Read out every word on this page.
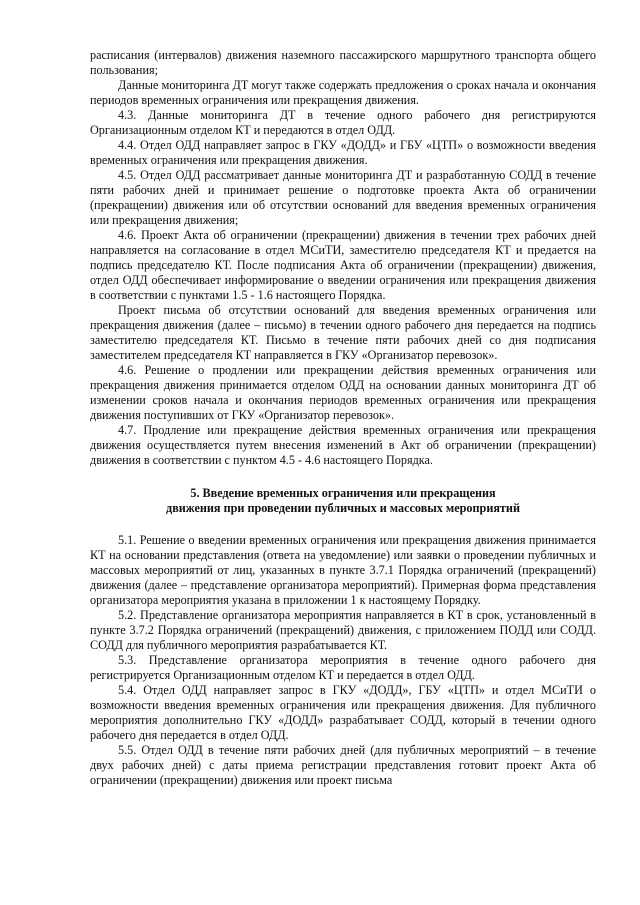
расписания (интервалов) движения наземного пассажирского маршрутного транспорта общего пользования;

Данные мониторинга ДТ могут также содержать предложения о сроках начала и окончания периодов временных ограничения или прекращения движения.

4.3. Данные мониторинга ДТ в течение одного рабочего дня регистрируются Организационным отделом КТ и передаются в отдел ОДД.

4.4. Отдел ОДД направляет запрос в ГКУ «ДОДД» и ГБУ «ЦТП» о возможности введения временных ограничения или прекращения движения.

4.5. Отдел ОДД рассматривает данные мониторинга ДТ и разработанную СОДД в течение пяти рабочих дней и принимает решение о подготовке проекта Акта об ограничении (прекращении) движения или об отсутствии оснований для введения временных ограничения или прекращения движения;

4.6. Проект Акта об ограничении (прекращении) движения в течении трех рабочих дней направляется на согласование в отдел МСиТИ, заместителю председателя КТ и предается на подпись председателю КТ. После подписания Акта об ограничении (прекращении) движения, отдел ОДД обеспечивает информирование о введении ограничения или прекращения движения в соответствии с пунктами 1.5 - 1.6 настоящего Порядка.

Проект письма об отсутствии оснований для введения временных ограничения или прекращения движения (далее – письмо) в течении одного рабочего дня передается на подпись заместителю председателя КТ. Письмо в течение пяти рабочих дней со дня подписания заместителем председателя КТ направляется в ГКУ «Организатор перевозок».

4.6. Решение о продлении или прекращении действия временных ограничения или прекращения движения принимается отделом ОДД на основании данных мониторинга ДТ об изменении сроков начала и окончания периодов временных ограничения или прекращения движения поступивших от ГКУ «Организатор перевозок».

4.7. Продление или прекращение действия временных ограничения или прекращения движения осуществляется путем внесения изменений в Акт об ограничении (прекращении) движения в соответствии с пунктом 4.5 - 4.6 настоящего Порядка.

5. Введение временных ограничения или прекращения
движения при проведении публичных и массовых мероприятий

5.1. Решение о введении временных ограничения или прекращения движения принимается КТ на основании представления (ответа на уведомление) или заявки о проведении публичных и массовых мероприятий от лиц, указанных в пункте 3.7.1 Порядка ограничений (прекращений) движения (далее – представление организатора мероприятий). Примерная форма представления организатора мероприятия указана в приложении 1 к настоящему Порядку.

5.2. Представление организатора мероприятия направляется в КТ в срок, установленный в пункте 3.7.2 Порядка ограничений (прекращений) движения, с приложением ПОДД или СОДД. СОДД для публичного мероприятия разрабатывается КТ.

5.3. Представление организатора мероприятия в течение одного рабочего дня регистрируется Организационным отделом КТ и передается в отдел ОДД.

5.4. Отдел ОДД направляет запрос в ГКУ «ДОДД», ГБУ «ЦТП» и отдел МСиТИ о возможности введения временных ограничения или прекращения движения. Для публичного мероприятия дополнительно ГКУ «ДОДД» разрабатывает СОДД, который в течении одного рабочего дня передается в отдел ОДД.

5.5. Отдел ОДД в течение пяти рабочих дней (для публичных мероприятий – в течение двух рабочих дней) с даты приема регистрации представления готовит проект Акта об ограничении (прекращении) движения или проект письма
